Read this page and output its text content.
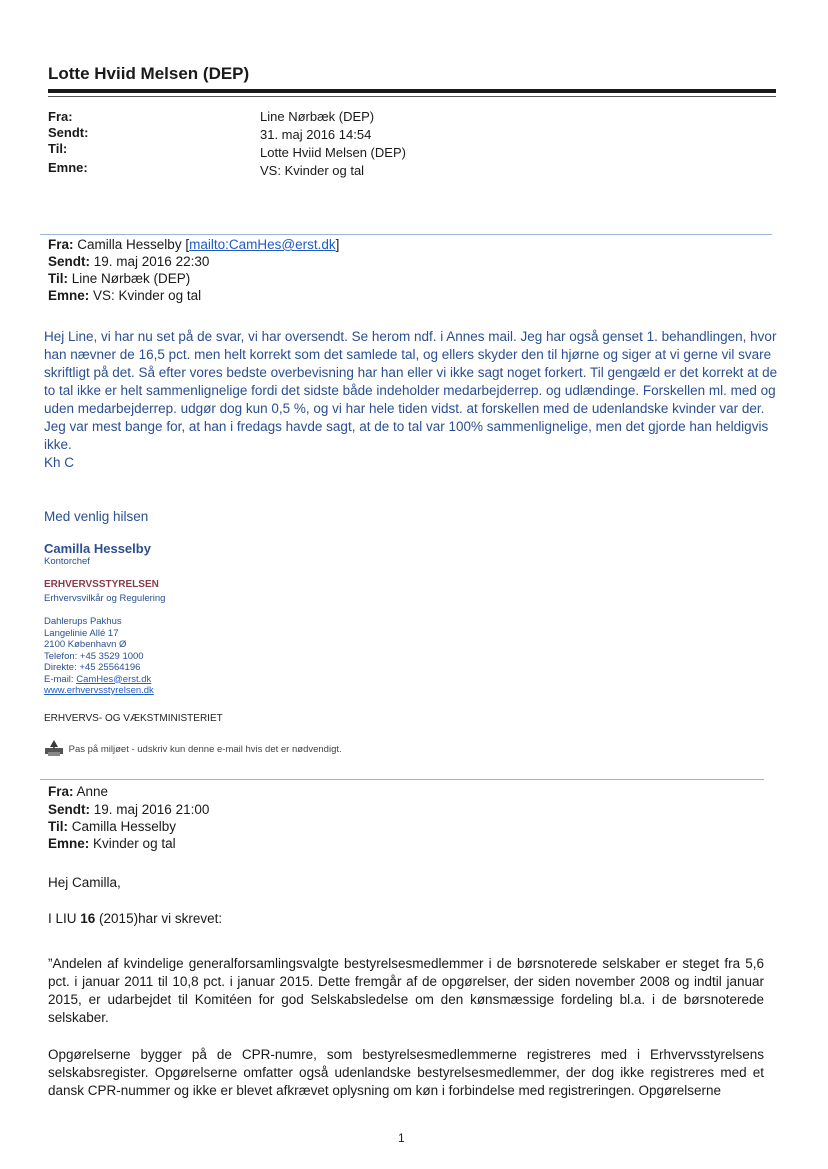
Lotte Hviid Melsen (DEP)
Fra:
Sendt:
Til:
Emne:
Line Nørbæk (DEP)
31. maj 2016 14:54
Lotte Hviid Melsen (DEP)
VS: Kvinder og tal
Fra: Camilla Hesselby [mailto:CamHes@erst.dk]
Sendt: 19. maj 2016 22:30
Til: Line Nørbæk (DEP)
Emne: VS: Kvinder og tal

Hej Line, vi har nu set på de svar, vi har oversendt. Se herom ndf. i Annes mail. Jeg har også genset 1. behandlingen, hvor han nævner de 16,5 pct. men helt korrekt som det samlede tal, og ellers skyder den til hjørne og siger at vi gerne vil svare skriftligt på det. Så efter vores bedste overbevisning har han eller vi ikke sagt noget forkert. Til gengæld er det korrekt at de to tal ikke er helt sammenlignelige fordi det sidste både indeholder medarbejderrep. og udlændinge. Forskellen ml. med og uden medarbejderrep. udgør dog kun 0,5 %, og vi har hele tiden vidst. at forskellen med de udenlandske kvinder var der.

Jeg var mest bange for, at han i fredags havde sagt, at de to tal var 100% sammenlignelige, men det gjorde han heldigvis ikke.

Kh C

Med venlig hilsen
Camilla Hesselby
Kontorchef
ERHVERVSSTYRELSEN
Erhvervsvilkår og Regulering
Dahlerups Pakhus
Langelinie Allé 17
2100 København Ø
Telefon: +45 3529 1000
Direkte: +45 25564196
E-mail: CamHes@erst.dk
www.erhvervsstyrelsen.dk
ERHVERVS- OG VÆKSTMINISTERIET
Pas på miljøet - udskriv kun denne e-mail hvis det er nødvendigt.
Fra: Anne
Sendt: 19. maj 2016 21:00
Til: Camilla Hesselby
Emne: Kvinder og tal
Hej Camilla,
I LIU 16 (2015)har vi skrevet:
”Andelen af kvindelige generalforsamlingsvalgte bestyrelsesmedlemmer i de børsnoterede selskaber er steget fra 5,6 pct. i januar 2011 til 10,8 pct. i januar 2015. Dette fremgår af de opgørelser, der siden november 2008 og indtil januar 2015, er udarbejdet til Komitéen for god Selskabsledelse om den kønsmæssige fordeling bl.a. i de børsnoterede selskaber.
Opgørelserne bygger på de CPR-numre, som bestyrelsesmedlemmerne registreres med i Erhvervsstyrelsens selskabsregister. Opgørelserne omfatter også udenlandske bestyrelsesmedlemmer, der dog ikke registreres med et dansk CPR-nummer og ikke er blevet afkrævet oplysning om køn i forbindelse med registreringen. Opgørelserne
1
